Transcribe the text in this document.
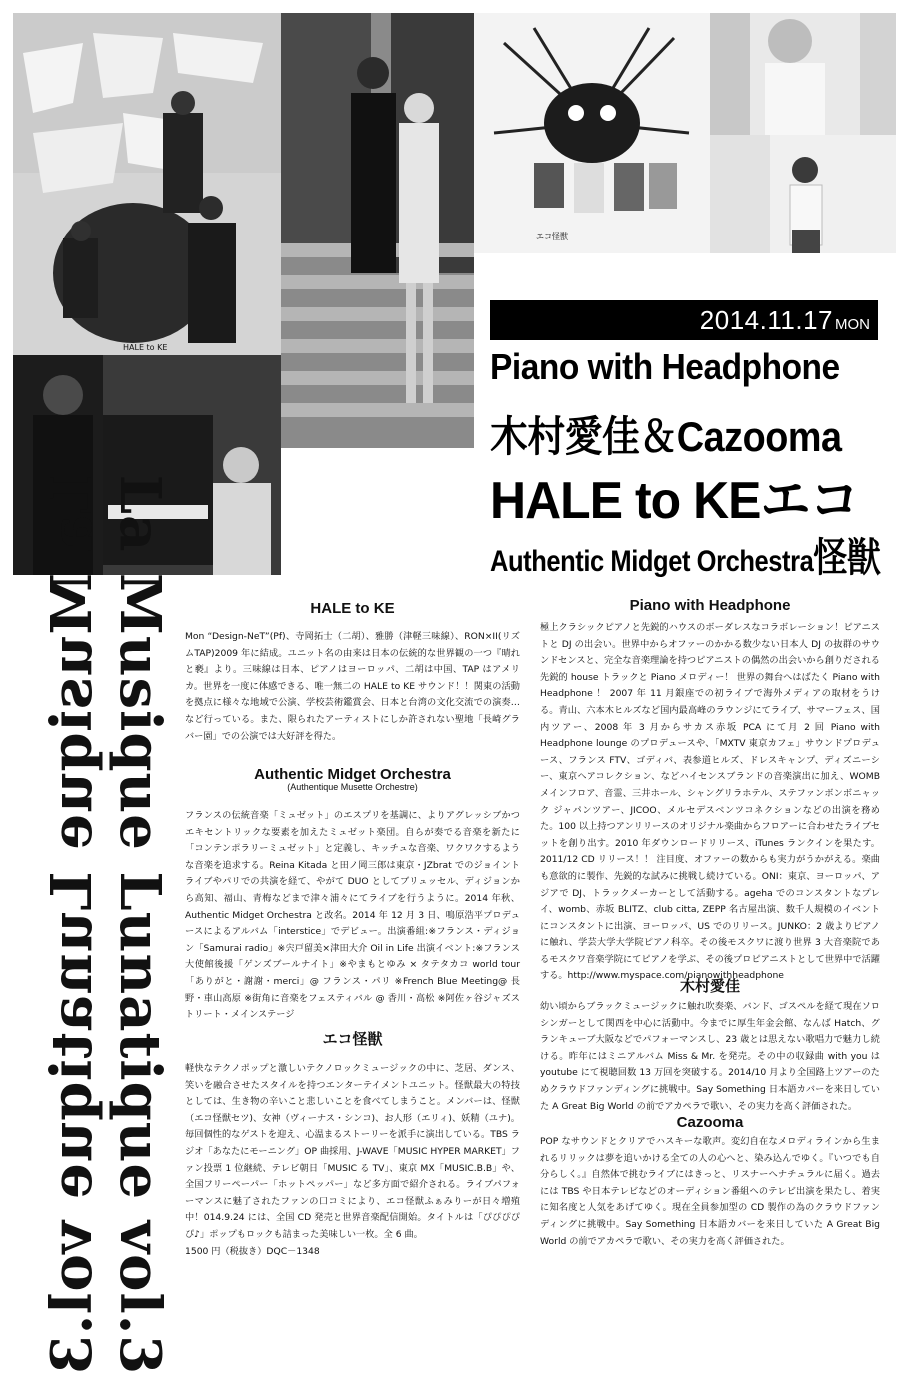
HALE to KE
エコ怪獣
2014.11.17 MON
Piano with Headphone
木村愛佳＆Cazooma
HALE to KEエコ
Authentic Midget Orchestra怪獣
La Musique Lunatique vol.3 La Musique Lunatique vol.3	HALE to KE

Mon “Design-NeT”(Pf)、寺岡拓士（二胡）、雅勝（津軽三味線）、RON×II(リズムTAP)2009 年に結成。ユニット名の由来は日本の伝統的な世界観の一つ『晴れと褻』より。三味線は日本、ピアノはヨーロッパ、二胡は中国、TAP はアメリカ。世界を一度に体感できる、唯一無二の HALE to KE サウンド！！関東の活動を拠点に様々な地域で公演、学校芸術鑑賞会、日本と台湾の文化交流での演奏…など行っている。また、限られたアーティストにしか許されない聖地「長崎グラバー園」での公演では大好評を得た。

Authentic Midget Orchestra
(Authentique Musette Orchestre)

フランスの伝統音楽「ミュゼット」のエスプリを基調に、よりアグレッシブかつエキセントリックな要素を加えたミュゼット楽団。自らが奏でる音楽を新たに「コンテンポラリーミュゼット」と定義し、キッチュな音楽、ワクワクするような音楽を追求する。Reina Kitada と田ノ岡三郎は東京・JZbrat でのジョイントライブやパリでの共演を経て、やがて DUO としてブリュッセル、ディジョンから高知、福山、青梅などまで津々浦々にてライブを行うように。2014 年秋、Authentic Midget Orchestra と改名。2014 年 12 月 3 日、鳴原浩平プロデュースによるアルバム「interstice」でデビュー。出演番組:※フランス・ディジョン「Samurai radio」※宍戸留美×津田大介 Oil in Life 出演イベント:※フランス大使館後援「ゲンズブールナイト」※やまもとゆみ × タテタカコ world tour「ありがと・謝謝・merci」@ フランス・パリ ※French Blue Meeting@ 長野・車山高原 ※街角に音楽をフェスティバル @ 香川・高松 ※阿佐ヶ谷ジャズストリート・メインステージ

エコ怪獣

軽快なテクノポップと激しいテクノロックミュージックの中に、芝居、ダンス、笑いを融合させたスタイルを持つエンターテイメントユニット。怪獣最大の特技としては、生き物の辛いこと悲しいことを食べてしまうこと。メンバーは、怪獣（エコ怪獣セツ)、女神（ヴィーナス・シンコ)、お人形（エリィ)、妖精（ユナ)。毎回個性的なゲストを迎え、心温まるストーリーを派手に演出している。TBS ラジオ「あなたにモーニング」OP 曲採用、J-WAVE「MUSIC HYPER MARKET」ファン投票 1 位継続、テレビ朝日「MUSIC る TV」、東京 MX「MUSIC.B.B」や、全国フリーペーパー「ホットペッパー」など多方面で紹介される。ライブパフォーマンスに魅了されたファンの口コミにより、エコ怪獣ふぁみりーが日々増殖中！014.9.24 には、全国 CD 発売と世界音楽配信開始。タイトルは「ぴぴぴぴぴ♪」ポップもロックも詰まった美味しい一枚。全 6 曲。

1500 円（税抜き）DQC－1348

Piano with Headphone

極上クラシックピアノと先鋭的ハウスのボーダレスなコラボレーション！ピアニストと DJ の出会い。世界中からオファーのかかる数少ない日本人 DJ の抜群のサウンドセンスと、完全な音楽理論を持つピアニストの偶然の出会いから創りだされる先鋭的 house トラックと Piano メロディー！ 世界の舞台へはばたく Piano with Headphone ！ 2007 年 11 月銀座での初ライブで海外メディアの取材をうける。青山、六本木ヒルズなど国内最高峰のラウンジにてライブ、サマーフェス、国内ツアー、2008 年 3 月からサカス赤坂 PCA にて月 2 回 Piano with Headphone lounge のプロデュースや、「MXTV 東京カフェ」サウンドプロデュース、フランス FTV、ゴディバ、表参道ヒルズ、ドレスキャンプ、ディズニーシー、東京ヘアコレクション、などハイセンスブランドの音楽演出に加え、WOMB メインフロア、音霊、三井ホール、シャングリラホテル、ステファンボンボニャック ジャパンツアー、JICOO、メルセデスベンツコネクションなどの出演を務めた。100 以上持つアンリリースのオリジナル楽曲からフロアーに合わせたライブセットを創り出す。2010 年ダウンロードリリース、iTunes ランクインを果たす。2011/12 CD リリース！！ 注目度、オファーの数からも実力がうかがえる。楽曲も意欲的に製作、先鋭的な試みに挑戦し続けている。ONI：東京、ヨーロッパ、アジアで DJ、トラックメーカーとして活動する。ageha でのコンスタントなプレイ、womb、赤坂 BLITZ、club citta, ZEPP 名古屋出演、数千人規模のイベントにコンスタントに出演、ヨーロッパ、US でのリリース。JUNKO：2 歳よりピアノに触れ、学芸大学大学院ピアノ科卒。その後モスクワに渡り世界 3 大音楽院であるモスクワ音楽学院にてピアノを学ぶ、その後プロピアニストとして世界中で活躍する。http://www.myspace.com/pianowithheadphone

木村愛佳

幼い頃からブラックミュージックに触れ吹奏楽、バンド、ゴスペルを経て現在ソロシンガーとして関西を中心に活動中。今までに厚生年金会館、なんば Hatch、グランキューブ大阪などでパフォーマンスし、23 歳とは思えない歌唱力で魅力し続ける。昨年にはミニアルバム Miss & Mr. を発売。その中の収録曲 with you は youtube にて視聴回数 13 万回を突破する。2014/10 月より全国路上ツアーのためクラウドファンディングに挑戦中。Say Something 日本語カバーを来日していた A Great Big World の前でアカペラで歌い、その実力を高く評価された。

Cazooma

POP なサウンドとクリアでハスキーな歌声。変幻自在なメロディラインから生まれるリリックは夢を追いかける全ての人の心へと、染み込んでゆく。『いつでも自分らしく。』自然体で挑むライブにはきっと、リスナーへナチュラルに届く。過去には TBS や日本テレビなどのオーディション番組へのテレビ出演を果たし、着実に知名度と人気をあげてゆく。現在全員参加型の CD 製作の為のクラウドファンディングに挑戦中。Say Something 日本語カバーを来日していた A Great Big World の前でアカペラで歌い、その実力を高く評価された。
